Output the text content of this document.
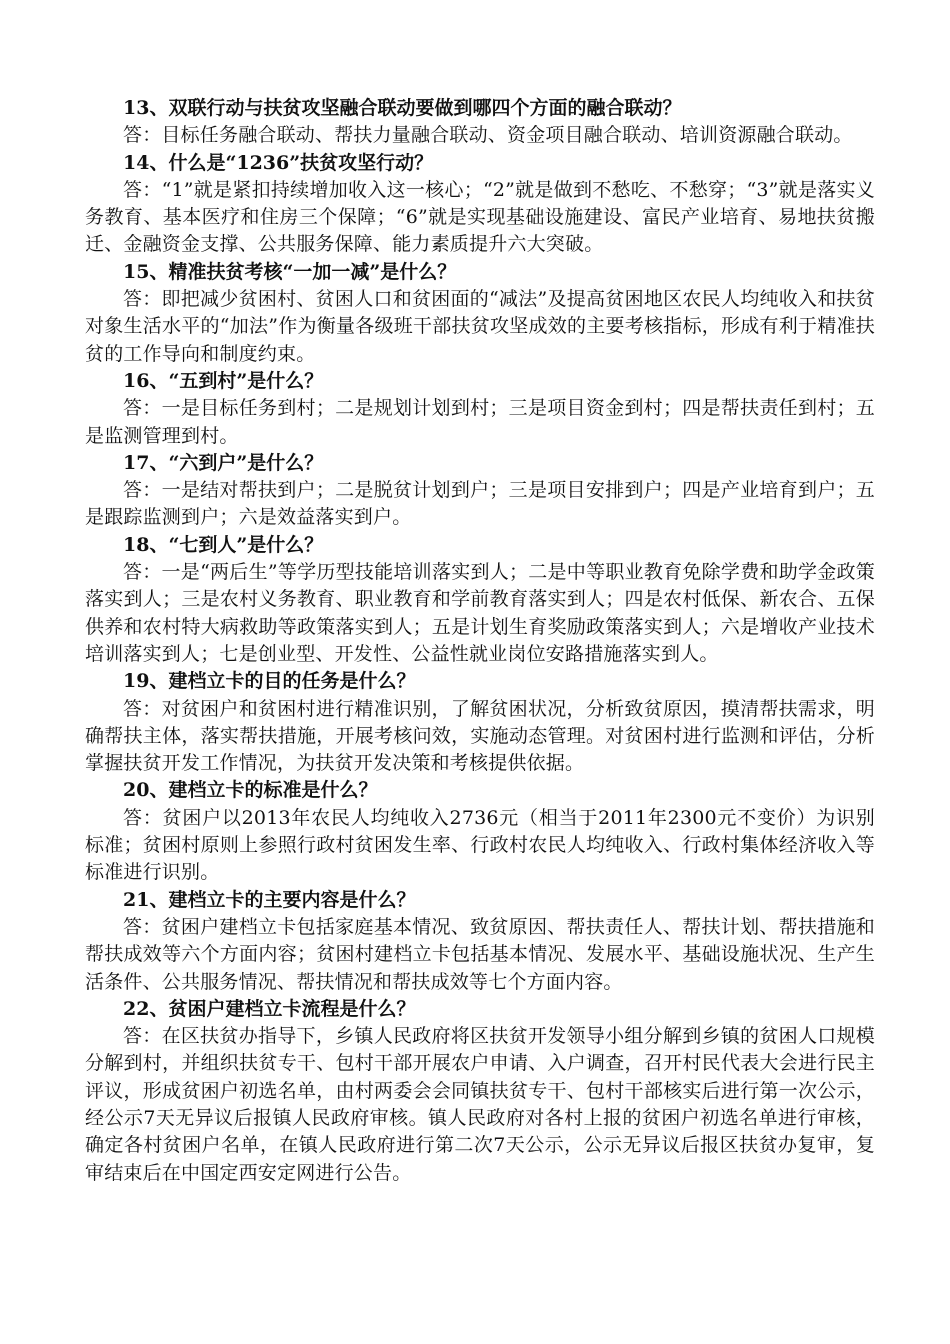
13、双联行动与扶贫攻坚融合联动要做到哪四个方面的融合联动？

答：目标任务融合联动、帮扶力量融合联动、资金项目融合联动、培训资源融合联动。

14、什么是“1236”扶贫攻坚行动？

答：“1”就是紧扣持续增加收入这一核心；“2”就是做到不愁吃、不愁穿；“3”就是落实义务教育、基本医疗和住房三个保障；“6”就是实现基础设施建设、富民产业培育、易地扶贫搬迁、金融资金支撑、公共服务保障、能力素质提升六大突破。

15、精准扶贫考核“一加一减”是什么？

答：即把减少贫困村、贫困人口和贫困面的“减法”及提高贫困地区农民人均纯收入和扶贫对象生活水平的“加法”作为衡量各级班干部扶贫攻坚成效的主要考核指标，形成有利于精准扶贫的工作导向和制度约束。

16、“五到村”是什么？

答：一是目标任务到村；二是规划计划到村；三是项目资金到村；四是帮扶责任到村；五是监测管理到村。

17、“六到户”是什么？

答：一是结对帮扶到户；二是脱贫计划到户；三是项目安排到户；四是产业培育到户；五是跟踪监测到户；六是效益落实到户。

18、“七到人”是什么？

答：一是“两后生”等学历型技能培训落实到人；二是中等职业教育免除学费和助学金政策落实到人；三是农村义务教育、职业教育和学前教育落实到人；四是农村低保、新农合、五保供养和农村特大病救助等政策落实到人；五是计划生育奖励政策落实到人；六是增收产业技术培训落实到人；七是创业型、开发性、公益性就业岗位安路措施落实到人。

19、建档立卡的目的任务是什么？

答：对贫困户和贫困村进行精准识别，了解贫困状况，分析致贫原因，摸清帮扶需求，明确帮扶主体，落实帮扶措施，开展考核问效，实施动态管理。对贫困村进行监测和评估，分析掌握扶贫开发工作情况，为扶贫开发决策和考核提供依据。

20、建档立卡的标准是什么？

答：贫困户以2013年农民人均纯收入2736元（相当于2011年2300元不变价）为识别标准；贫困村原则上参照行政村贫困发生率、行政村农民人均纯收入、行政村集体经济收入等标准进行识别。

21、建档立卡的主要内容是什么？

答：贫困户建档立卡包括家庭基本情况、致贫原因、帮扶责任人、帮扶计划、帮扶措施和帮扶成效等六个方面内容；贫困村建档立卡包括基本情况、发展水平、基础设施状况、生产生活条件、公共服务情况、帮扶情况和帮扶成效等七个方面内容。

22、贫困户建档立卡流程是什么？

答：在区扶贫办指导下，乡镇人民政府将区扶贫开发领导小组分解到乡镇的贫困人口规模分解到村，并组织扶贫专干、包村干部开展农户申请、入户调查，召开村民代表大会进行民主评议，形成贫困户初选名单，由村两委会会同镇扶贫专干、包村干部核实后进行第一次公示，经公示7天无异议后报镇人民政府审核。镇人民政府对各村上报的贫困户初选名单进行审核，确定各村贫困户名单，在镇人民政府进行第二次7天公示，公示无异议后报区扶贫办复审，复审结束后在中国定西安定网进行公告。
